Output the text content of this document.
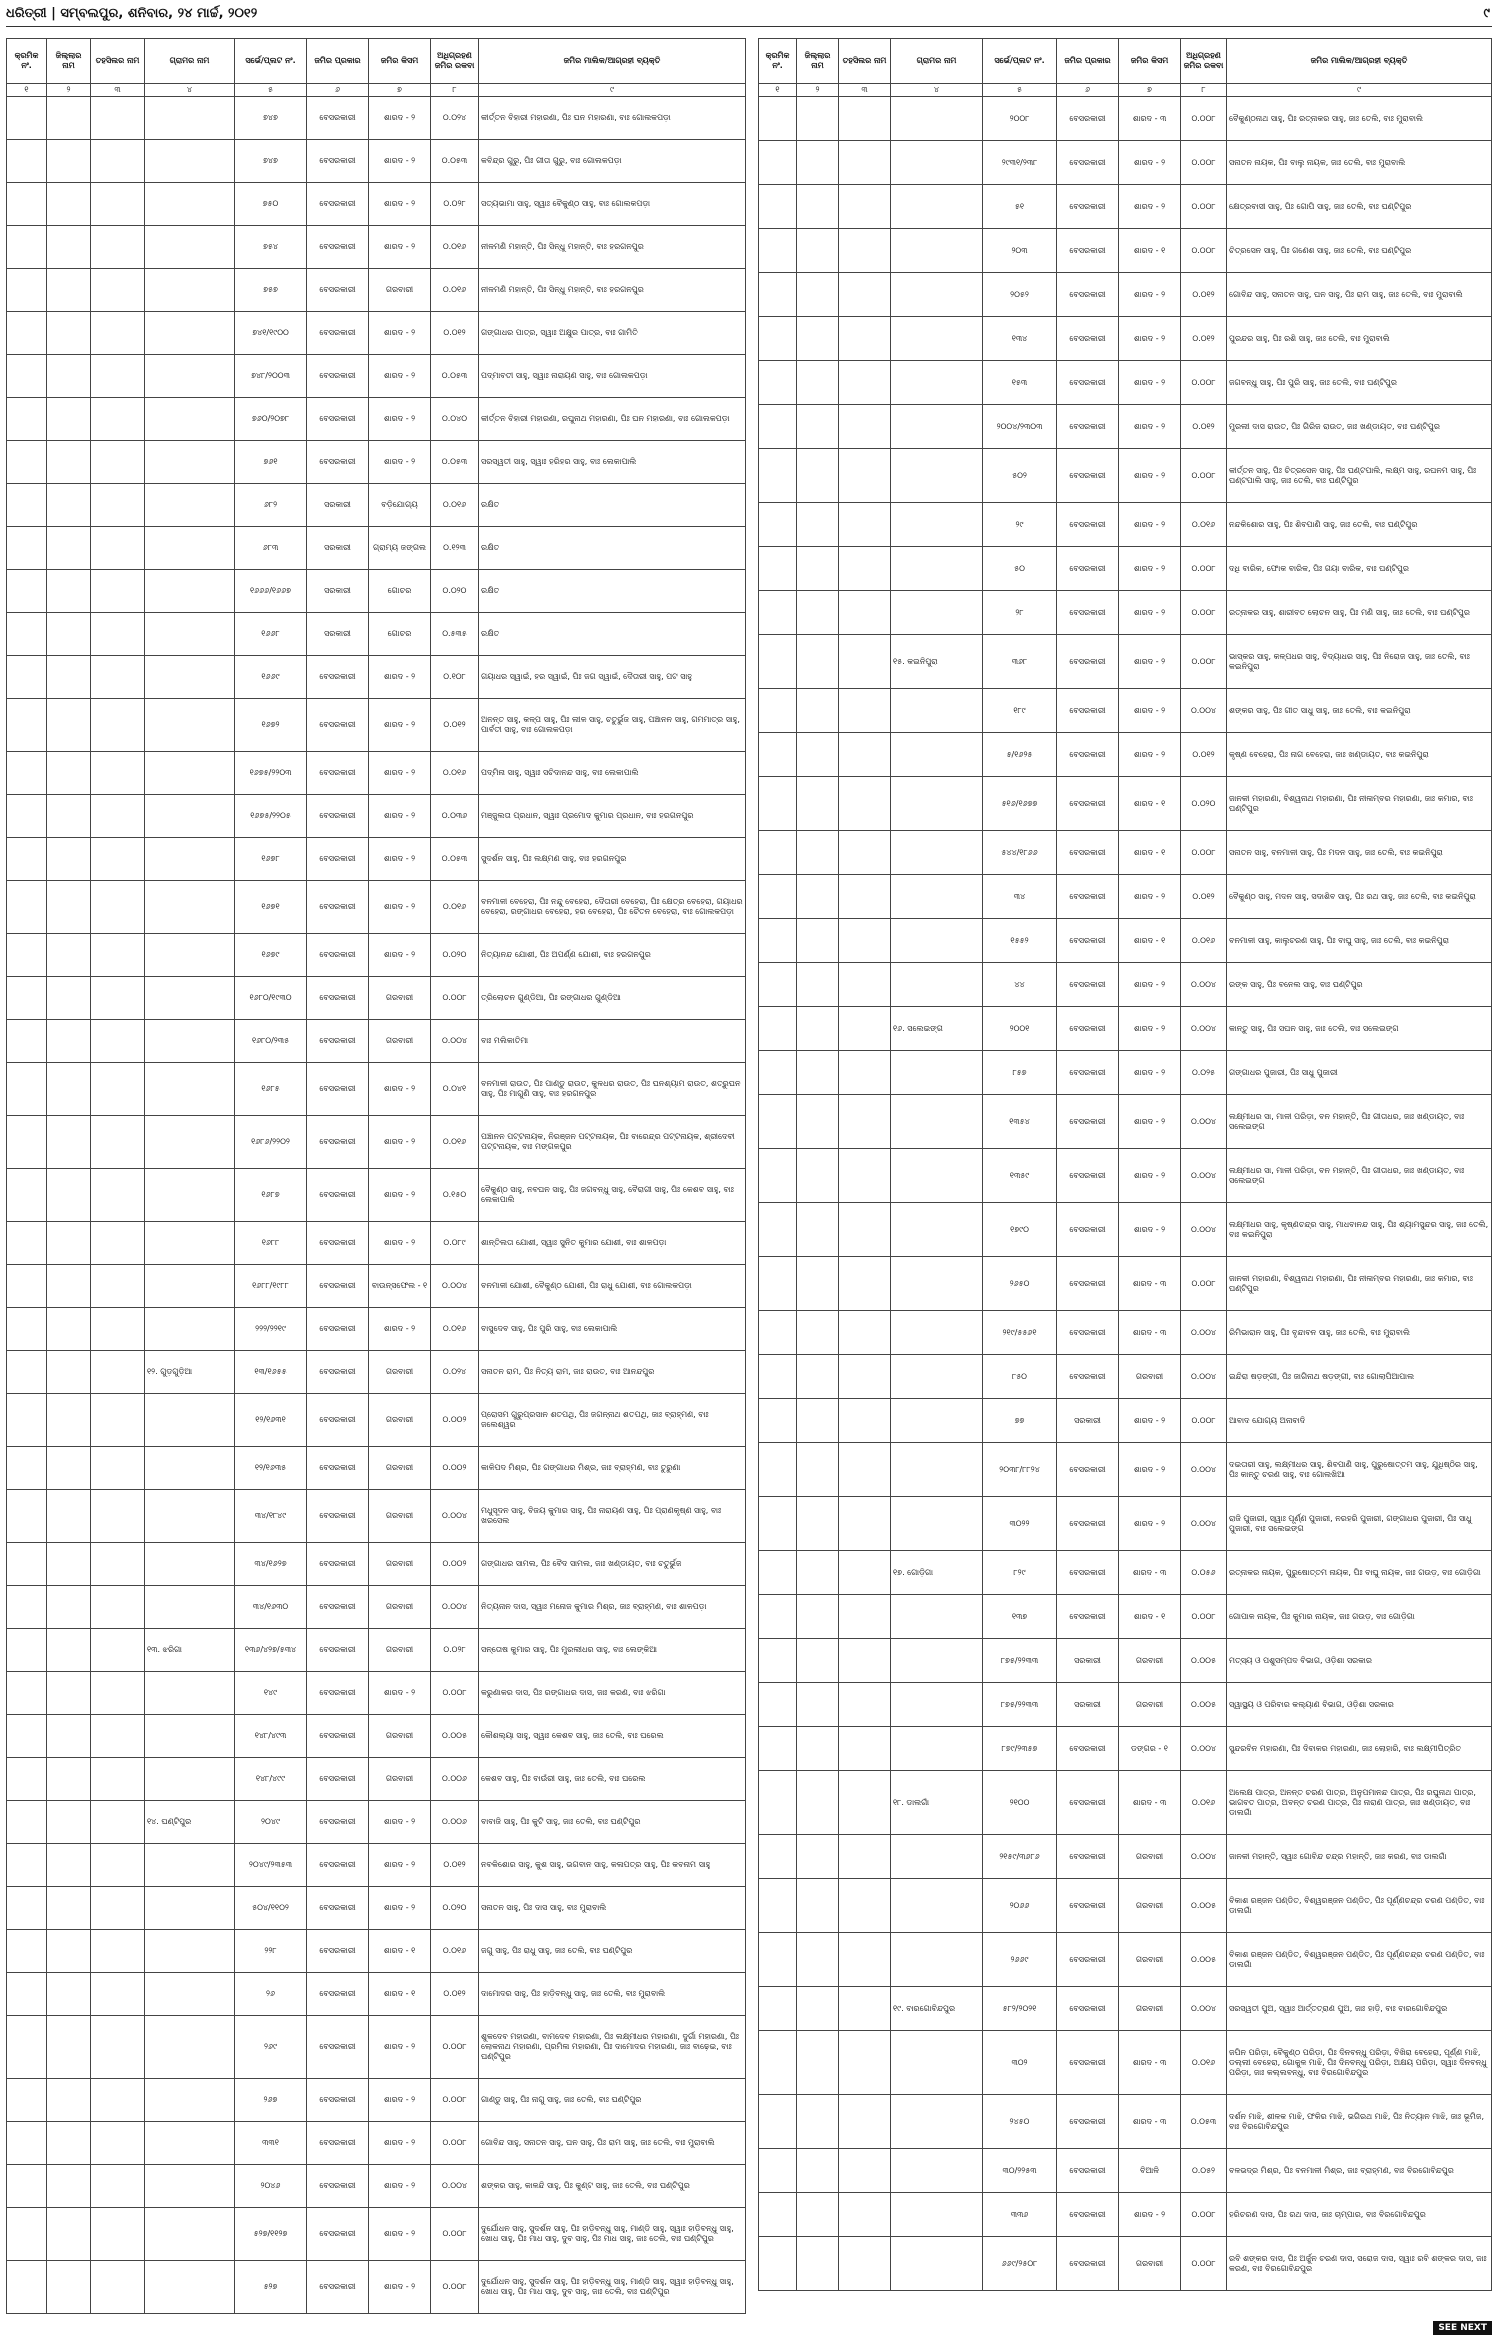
ଧରିତ୍ରୀ | ସମ୍ବଲପୁର, ଶନିବାର, ୨୪ ମାର୍ଚ୍ଚ, ୨୦୧୨	୯
କ୍ରମିକ ନଂ.	ଜିଲ୍ଲାର ନାମ	ତହସିଲର ନାମ	ଗ୍ରାମର ନାମ	ସର୍ଭେ/ପ୍ଲଟ ନଂ.	ଜମିର ପ୍ରକାର	ଜମିର କିସମ	ଅଧିଗ୍ରହଣ ଜମିର ରକବା	ଜମିର ମାଲିକ/ଆଗ୍ରହୀ ବ୍ୟକ୍ତି
୧	୨	୩	୪	୫	୬	୭	୮	୯
				୭୪୭	ବେସରକାରୀ	ଶାରଦ - ୨	୦.୦୨୪	କୀର୍ତ୍ତନ ବିହାରୀ ମହାରଣା, ପିଃ ଘନ ମହାରଣା, ବାଃ ଗୋଲକପଡ଼ା
				୭୪୭	ବେସରକାରୀ	ଶାରଦ - ୨	୦.୦୫୩	କବିନ୍ଦ୍ର ଗୁରୁ, ପିଃ ଗୀତା ଗୁରୁ, ବାଃ ଗୋଲକପଡ଼ା
				୭୫୦	ବେସରକାରୀ	ଶାରଦ - ୨	୦.୦୨୮	ସତ୍ୟଭାମା ସାହୁ, ସ୍ୱାଃ ବୈକୁଣ୍ଠ ସାହୁ, ବାଃ ଗୋଲକପଡ଼ା
				୭୫୪	ବେସରକାରୀ	ଶାରଦ - ୨	୦.୦୧୬	ନୀଳମଣି ମହାନ୍ତି, ପିଃ ସିନ୍ଧୁ ମହାନ୍ତି, ବାଃ ହରଗନପୁର
				୭୫୭	ବେସରକାରୀ	ଗରବାରୀ	୦.୦୧୬	ନୀଳମଣି ମହାନ୍ତି, ପିଃ ସିନ୍ଧୁ ମହାନ୍ତି, ବାଃ ହରଗନପୁର
				୭୪୧/୧୯୦୦	ବେସରକାରୀ	ଶାରଦ - ୨	୦.୦୧୨	ଗଙ୍ଗାଧର ପାତ୍ର, ସ୍ୱାଃ ଅକ୍ଷୁର ପାତ୍ର, ବାଃ ଗାମିତି
				୭୪୮/୨୦୦୩	ବେସରକାରୀ	ଶାରଦ - ୨	୦.୦୫୩	ପଦ୍ମାବତୀ ସାହୁ, ସ୍ୱାଃ ନାରାୟଣ ସାହୁ, ବାଃ ଗୋଲକପଡ଼ା
				୭୬୦/୨୦୭୮	ବେସରକାରୀ	ଶାରଦ - ୨	୦.୦୪୦	କୀର୍ତ୍ତନ ବିହାରୀ ମହାରଣା, ରଘୁନାଥ ମହାରଣା, ପିଃ ଘନ ମହାରଣା, ବାଃ ଗୋଲକପଡ଼ା
				୭୬୧	ବେସରକାରୀ	ଶାରଦ - ୨	୦.୦୫୩	ସରସ୍ୱତୀ ସାହୁ, ସ୍ୱାଃ ହରିହର ସାହୁ, ବାଃ ଲେକାପାଲି
				୬୮୨	ସରକାରୀ	ବଡ଼ିଯୋଗ୍ୟ	୦.୦୧୬	ରକ୍ଷିତ
				୬୮୩	ସରକାରୀ	ଗ୍ରାମ୍ୟ ଜଙ୍ଗଲ	୦.୧୨୩	ରକ୍ଷିତ
				୧୬୬୬/୧୬୬୭	ସରକାରୀ	ଗୋଚର	୦.୦୨୦	ରକ୍ଷିତ
				୧୬୬୮	ସରକାରୀ	ଗୋଚର	୦.୫୩୫	ରକ୍ଷିତ
				୧୬୬୯	ବେସରକାରୀ	ଶାରଦ - ୨	୦.୧୦୮	ଗୟାଧର ସ୍ୱାଇଁ, ହର ସ୍ୱାଇଁ, ପିଃ ଜଗ ସ୍ୱାଇଁ, ଦୈତାରୀ ସାହୁ, ପଟ ସାହୁ
				୧୬୭୨	ବେସରକାରୀ	ଶାରଦ - ୨	୦.୦୧୨	ଅନନ୍ତ ସାହୁ, କଳ୍ପ ସାହୁ, ପିଃ ଲୀଳ ସାହୁ, ଚତୁର୍ଭୁଜ ସାହୁ, ପଞ୍ଚାନନ ସାହୁ, ଗମମାତ୍ର ସାହୁ, ପାର୍ବତୀ ସାହୁ, ବାଃ ଗୋଲକପଡ଼ା
				୧୬୭୫/୨୨୦୩	ବେସରକାରୀ	ଶାରଦ - ୨	୦.୦୧୬	ପଦ୍ମିନା ସାହୁ, ସ୍ୱାଃ ସଚିଦାନନ୍ଦ ସାହୁ, ବାଃ ଲେକାପାଲି
				୧୬୭୫/୨୨୦୫	ବେସରକାରୀ	ଶାରଦ - ୨	୦.୦୩୬	ମଞ୍ଜୁଲତା ପ୍ରଧାନ, ସ୍ୱାଃ ପ୍ରମୋଦ କୁମାର ପ୍ରଧାନ, ବାଃ ହରଗନପୁର
				୧୬୭୮	ବେସରକାରୀ	ଶାରଦ - ୨	୦.୦୫୩	ସୁଦର୍ଶନ ସାହୁ, ପିଃ ଲକ୍ଷ୍ମଣ ସାହୁ, ବାଃ ହରଗନପୁର
				୧୬୭୧	ବେସରକାରୀ	ଶାରଦ - ୨	୦.୦୧୬	ବନମାଳୀ ବେହେରା, ପିଃ ନନ୍ଦୁ ବେହେରା, ଦୈତାରୀ ବେହେରା, ପିଃ କ୍ଷେତ୍ର ବେହେରା, ଗୟାଧର ବେହେରା, ରଙ୍ଗାଧର ବେହେରା, ହର ବେହେରା, ପିଃ ଚୈତନ ବେହେରା, ବାଃ ଗୋଲକପଡ଼ା
				୧୬୭୯	ବେସରକାରୀ	ଶାରଦ - ୨	୦.୦୨୦	ନିତ୍ୟାନନ୍ଦ ଯୋଶୀ, ପିଃ ଅପର୍ଣ୍ଣ ଯୋଶୀ, ବାଃ ହରଗନପୁର
				୧୬୮୦/୧୯୩୦	ବେସରକାରୀ	ଗରବାରୀ	୦.୦୦୮	ତ୍ରିଲୋଚନ ଗୁଣ୍ଡିଆ, ପିଃ ରଙ୍ଗାଧର ଗୁଣ୍ଡିଆ
				୧୬୮୦/୨୩୫	ବେସରକାରୀ	ଗରବାରୀ	୦.୦୦୪	ବାଃ ମଲିକାତିମା
				୧୬୮୫	ବେସରକାରୀ	ଶାରଦ - ୨	୦.୦୪୧	ବନମାଳୀ ରାଉତ, ପିଃ ପାଣ୍ଡୁ ରାଉତ, କୁଳଧର ରାଉତ, ପିଃ ଘନଶ୍ୟାମ ରାଉତ, ଶତ୍ରୁଘନ ସାହୁ, ପିଃ ମାଗୁଣି ସାହୁ, ବାଃ ହରଗନପୁର
				୧୬୮୬/୨୨୦୨	ବେସରକାରୀ	ଶାରଦ - ୨	୦.୦୧୬	ପଞ୍ଚାନନ ପଟ୍ଟନାୟକ, ନିରଞ୍ଜନ ପଟ୍ଟନାୟକ, ପିଃ ବାରେନ୍ଦ୍ର ପଟ୍ଟନାୟକ, ଶ୍ରୀଦେବୀ ପଟ୍ଟନାୟକ, ବାଃ ମଙ୍ଗଳପୁର
				୧୬୮୭	ବେସରକାରୀ	ଶାରଦ - ୨	୦.୧୫୦	ବୈକୁଣ୍ଠ ସାହୁ, ନବଘନ ସାହୁ, ପିଃ ଜଗବନ୍ଧୁ ସାହୁ, ବୈରାଗୀ ସାହୁ, ପିଃ କେଶବ ସାହୁ, ବାଃ ଲେକାପାଲି
				୧୬୮୮	ବେସରକାରୀ	ଶାରଦ - ୨	୦.୦୮୯	ଶାନ୍ତିଲତା ଯୋଶୀ, ସ୍ୱାଃ ସୁନିତ କୁମାର ଯୋଶୀ, ବାଃ ଶାଳପଡ଼ା
				୧୬୮୮/୧୯୮୮	ବେସରକାରୀ	ବାଉନ୍ସଫେଲ - ୧	୦.୦୦୪	ବନମାଳୀ ଯୋଶୀ, ବୈକୁଣ୍ଠ ଯୋଶୀ, ପିଃ ରାଧୁ ଯୋଶୀ, ବାଃ ଗୋଲକପଡ଼ା
				୨୨୨/୨୨୧୯	ବେସରକାରୀ	ଶାରଦ - ୨	୦.୦୧୬	ବାସୁଦେବ ସାହୁ, ପିଃ ପୁରି ସାହୁ, ବାଃ ଲେକାପାଲି
			୧୨. ଗୁଡ଼ଗୁଡ଼ିଆ	୧୩/୧୬୫୫	ବେସରକାରୀ	ଗରବାରୀ	୦.୦୨୪	ସନାତନ ରାମ, ପିଃ ନିତ୍ୟ ରାମ, ଜାଃ ରାଉତ, ବାଃ ଆନନ୍ଦପୁର
				୧୨/୧୬୩୧	ବେସରକାରୀ	ଗରବାରୀ	୦.୦୦୨	ପ୍ରୋସମ ଗୁରୁପ୍ରସାନ ଶତପଥି, ପିଃ ଜଗନ୍ନାଥ ଶତପଥି, ଜାଃ ବ୍ରାହ୍ମଣ, ବାଃ ଜଲେଶ୍ୱର
				୧୨/୧୬୩୫	ବେସରକାରୀ	ଗରବାରୀ	୦.୦୦୨	କାଳିପଦ ମିଶ୍ର, ପିଃ ଗଙ୍ଗାଧର ମିଶ୍ର, ଜାଃ ବ୍ରାହ୍ମଣ, ବାଃ ତୁରୁଣା
				୩୪/୧୮୪୯	ବେସରକାରୀ	ଗରବାରୀ	୦.୦୦୪	ମଧୁସୂଦନ ସାହୁ, ବିଜୟ କୁମାର ସାହୁ, ପିଃ ନାରାୟଣ ସାହୁ, ପିଃ ପ୍ରାଣକୃଷ୍ଣ ସାହୁ, ବାଃ ଖରସେଲ
				୩୪/୧୬୨୭	ବେସରକାରୀ	ଗରବାରୀ	୦.୦୦୨	ଗଙ୍ଗାଧର ସାମଲ, ପିଃ ବୈଦ ସାମଲ, ଜାଃ ଖଣ୍ଡାୟତ, ବାଃ ଚତୁର୍ଭୁଜ
				୩୪/୧୬୩୦	ବେସରକାରୀ	ଗରବାରୀ	୦.୦୦୪	ନିତ୍ୟନାନ ଦାସ, ସ୍ୱାଃ ମନୋଜ କୁମାର ମିଶ୍ର, ଜାଃ ବ୍ରାହ୍ମଣ, ବାଃ ଶାଳପଡ଼ା
			୧୩. ଝରିଗା	୧୩୬/୪୨୭/୫୩୪	ବେସରକାରୀ	ଗରବାରୀ	୦.୦୨୮	ସନ୍ତୋଷ କୁମାର ସାହୁ, ପିଃ ମୁରଲୀଧର ସାହୁ, ବାଃ ଲେଙ୍କିଆ
				୧୪୯	ବେସରକାରୀ	ଶାରଦ - ୨	୦.୦୦୮	କରୁଣାକର ଦାସ, ପିଃ ରଙ୍ଗାଧର ଦାସ, ଜାଃ କରଣ, ବାଃ ଝରିଗା
				୧୪୮/୪୯୩	ବେସରକାରୀ	ଗରବାରୀ	୦.୦୦୫	କୌଶଲ୍ୟା ସାହୁ, ସ୍ୱାଃ କେଶବ ସାହୁ, ଜାଃ ତେଲି, ବାଃ ଘରେଲ
				୧୪୮/୪୯୯	ବେସରକାରୀ	ଗରବାରୀ	୦.୦୦୬	କେଶବ ସାହୁ, ପିଃ ବାଉଁରୀ ସାହୁ, ଜାଃ ତେଲି, ବାଃ ଘରେଲ
			୧୪. ଘଣ୍ଟିପୁର	୨୦୪୯	ବେସରକାରୀ	ଶାରଦ - ୨	୦.୦୦୬	ବାବାଜି ସାହୁ, ପିଃ କୁଟି ସାହୁ, ଜାଃ ତେଲି, ବାଃ ଘଣ୍ଟିପୁର
				୨୦୪୯/୨୩୫୩	ବେସରକାରୀ	ଶାରଦ - ୨	୦.୦୧୨	ନବକିଶୋର ସାହୁ, କୁଶ ସାହୁ, ଭଗବାନ ସାହୁ, କଳାପତ୍ର ସାହୁ, ପିଃ କବନାମ ସାହୁ
				୫୦୪/୧୧୦୨	ବେସରକାରୀ	ଶାରଦ - ୨	୦.୦୨୦	ସନାତନ ସାହୁ, ପିଃ ଦାସ ସାହୁ, ବାଃ ମୁରାବାଲି
				୨୨୮	ବେସରକାରୀ	ଶାରଦ - ୧	୦.୦୧୬	ଜଗୁ ସାହୁ, ପିଃ ରାଧୁ ସାହୁ, ଜାଃ ତେଲି, ବାଃ ଘଣ୍ଟିପୁର
				୨୬	ବେସରକାରୀ	ଶାରଦ - ୧	୦.୦୧୨	ଦାମୋଦର ସାହୁ, ପିଃ ହାଡ଼ିବନ୍ଧୁ ସାହୁ, ଜାଃ ତେଲି, ବାଃ ମୁରାବାଲି
				୨୬୯	ବେସରକାରୀ	ଶାରଦ - ୨	୦.୦୦୮	ଶୁକଦେବ ମହାରଣା, ବାମଦେବ ମହାରଣା, ପିଃ ଲକ୍ଷ୍ମୀଧର ମହାରଣା, ଦୁର୍ଗା ମହାରଣା, ପିଃ ଲୋକନାଥ ମହାରଣା, ପ୍ରମିଳା ମହାରଣା, ପିଃ ଦାମୋଦର ମହାରଣା, ଜାଃ ବାଢ଼େଇ, ବାଃ ଘଣ୍ଟିପୁର
				୨୬୭	ବେସରକାରୀ	ଶାରଦ - ୨	୦.୦୦୮	ଗାଣ୍ଡୁ ସାହୁ, ପିଃ ନାଗୁ ସାହୁ, ଜାଃ ତେଲି, ବାଃ ଘଣ୍ଟିପୁର
				୩୩୧	ବେସରକାରୀ	ଶାରଦ - ୨	୦.୦୦୮	ଗୋବିନ୍ଦ ସାହୁ, ସନାତନ ସାହୁ, ଘନ ସାହୁ, ପିଃ ରାମ ସାହୁ, ଜାଃ ତେଲି, ବାଃ ମୁରାବାଲି
				୨୦୪୬	ବେସରକାରୀ	ଶାରଦ - ୨	୦.୦୦୪	ଶଙ୍କର ସାହୁ, କାଳନ୍ଦି ସାହୁ, ପିଃ କୁଣ୍ଟ ସାହୁ, ଜାଃ ତେଲି, ବାଃ ଘଣ୍ଟିପୁର
				୫୨୭/୧୧୨୭	ବେସରକାରୀ	ଶାରଦ - ୨	୦.୦୦୮	ଦୁର୍ଯୋଧନ ସାହୁ, ସୁଦର୍ଶନ ସାହୁ, ପିଃ ହାଡ଼ିବନ୍ଧୁ ସାହୁ, ମାଣ୍ଡି ସାହୁ, ସ୍ୱାଃ ହାଡ଼ିବନ୍ଧୁ ସାହୁ, ଖୋଧ ସାହୁ, ପିଃ ମାଧ ସାହୁ, ଦୁବ ସାହୁ, ପିଃ ମାଧ ସାହୁ, ଜାଃ ତେଲି, ବାଃ ଘଣ୍ଟିପୁର
				୫୨୭	ବେସରକାରୀ	ଶାରଦ - ୨	୦.୦୦୮	ଦୁର୍ଯୋଧନ ସାହୁ, ସୁଦର୍ଶନ ସାହୁ, ପିଃ ହାଡ଼ିବନ୍ଧୁ ସାହୁ, ମାଣ୍ଡି ସାହୁ, ସ୍ୱାଃ ହାଡ଼ିବନ୍ଧୁ ସାହୁ, ଖୋଧ ସାହୁ, ପିଃ ମାଧ ସାହୁ, ଦୁବ ସାହୁ, ଜାଃ ତେଲି, ବାଃ ଘଣ୍ଟିପୁର
କ୍ରମିକ ନଂ.	ଜିଲ୍ଲାର ନାମ	ତହସିଲର ନାମ	ଗ୍ରାମର ନାମ	ସର୍ଭେ/ପ୍ଲଟ ନଂ.	ଜମିର ପ୍ରକାର	ଜମିର କିସମ	ଅଧିଗ୍ରହଣ ଜମିର ରକବା	ଜମିର ମାଲିକ/ଆଗ୍ରହୀ ବ୍ୟକ୍ତି
୧	୨	୩	୪	୫	୬	୭	୮	୯
				୨୦୦୮	ବେସରକାରୀ	ଶାରଦ - ୩	୦.୦୦୮	ବୈକୁଣ୍ଠନାଥ ସାହୁ, ପିଃ ରତ୍ନାକର ସାହୁ, ଜାଃ ତେଲି, ବାଃ ମୁରାବାଲି
				୨୯୩୧/୨୩୮	ବେସରକାରୀ	ଶାରଦ - ୨	୦.୦୦୮	ସନାତନ ନାୟକ, ପିଃ ବାଲୁ ନାୟକ, ଜାଃ ତେଲି, ବାଃ ମୁରାବାଲି
				୫୧	ବେସରକାରୀ	ଶାରଦ - ୨	୦.୦୦୮	କ୍ଷେତ୍ରବାସୀ ସାହୁ, ପିଃ ଗୋପି ସାହୁ, ଜାଃ ତେଲି, ବାଃ ଘଣ୍ଟିପୁର
				୨୦୩	ବେସରକାରୀ	ଶାରଦ - ୧	୦.୦୦୮	ଚିତ୍ରସେନ ସାହୁ, ପିଃ ଗଣେଶ ସାହୁ, ଜାଃ ତେଲି, ବାଃ ଘଣ୍ଟିପୁର
				୨୦୫୨	ବେସରକାରୀ	ଶାରଦ - ୨	୦.୦୧୨	ଗୋବିନ୍ଦ ସାହୁ, ସନାତନ ସାହୁ, ଘନ ସାହୁ, ପିଃ ରାମ ସାହୁ, ଜାଃ ତେଲି, ବାଃ ମୁରାବାଲି
				୧୩୪	ବେସରକାରୀ	ଶାରଦ - ୨	୦.୦୧୨	ପୁରନ୍ଦର ସାହୁ, ପିଃ ରଶି ସାହୁ, ଜାଃ ତେଲି, ବାଃ ମୁରାବାଲି
				୧୫୩	ବେସରକାରୀ	ଶାରଦ - ୨	୦.୦୦୮	ଜଗବନ୍ଧୁ ସାହୁ, ପିଃ ପୁରି ସାହୁ, ଜାଃ ତେଲି, ବାଃ ଘଣ୍ଟିପୁର
				୨୦୦୪/୨୩୦୩	ବେସରକାରୀ	ଶାରଦ - ୨	୦.୦୧୨	ମୁରଲୀ ଦାସ ରାଉତ, ପିଃ ଗିରିଜ ରାଉତ, ଜାଃ ଖଣ୍ଡାୟତ, ବାଃ ଘଣ୍ଟିପୁର
				୫୦୨	ବେସରକାରୀ	ଶାରଦ - ୨	୦.୦୦୮	କୀର୍ତ୍ତନ ସାହୁ, ପିଃ ଚିତ୍ରସେନ ସାହୁ, ପିଃ ଘଣ୍ଟପାଲି, ଲକ୍ଷ୍ମ ସାହୁ, ରଘନମ ସାହୁ, ପିଃ ଘଣ୍ଟପାଲି ସାହୁ, ଜାଃ ତେଲି, ବାଃ ଘଣ୍ଟିପୁର
				୨୯	ବେସରକାରୀ	ଶାରଦ - ୨	୦.୦୧୬	ନନ୍ଦକିଶୋର ସାହୁ, ପିଃ ଶିବପାଣି ସାହୁ, ଜାଃ ତେଲି, ବାଃ ଘଣ୍ଟିପୁର
				୫୦	ବେସରକାରୀ	ଶାରଦ - ୨	୦.୦୦୮	ଦଧି ବାରିକ, ଫୋକ ବାରିକ, ପିଃ ଗୟା ବାରିକ, ବାଃ ଘଣ୍ଟିପୁର
				୨୮	ବେସରକାରୀ	ଶାରଦ - ୨	୦.୦୦୮	ରତ୍ନାକର ସାହୁ, ଶାରୀବତ ଲୋଚନ ସାହୁ, ପିଃ ମଣି ସାହୁ, ଜାଃ ତେଲି, ବାଃ ଘଣ୍ଟିପୁର
			୧୫. କଇନିପୁରା	୩୬୮	ବେସରକାରୀ	ଶାରଦ - ୨	୦.୦୦୮	ଭାସ୍କର ସାହୁ, କଳ୍ପଧର ସାହୁ, ବିଦ୍ୟାଧର ସାହୁ, ପିଃ ନିରୋଜ ସାହୁ, ଜାଃ ତେଲି, ବାଃ କଇନିପୁରା
				୧୮୯	ବେସରକାରୀ	ଶାରଦ - ୨	୦.୦୦୪	ଶଙ୍କର ସାହୁ, ପିଃ ଗୀତ ସାଧୁ ସାହୁ, ଜାଃ ତେଲି, ବାଃ କଇନିପୁରା
				୫/୧୬୨୫	ବେସରକାରୀ	ଶାରଦ - ୨	୦.୦୧୨	କୃଷ୍ଣ ବେହେରା, ପିଃ ନାଗ ବେହେରା, ଜାଃ ଖଣ୍ଡାୟତ, ବାଃ କଇନିପୁରା
				୫୧୬/୧୬୭୭	ବେସରକାରୀ	ଶାରଦ - ୧	୦.୦୨୦	ଜାନକୀ ମହାରଣା, ବିଶ୍ୱନାଥ ମହାରଣା, ପିଃ ନୀଳାମ୍ବର ମହାରଣା, ଜାଃ କମାର, ବାଃ ଘଣ୍ଟିପୁର
				୫୪୪/୧୮୬୬	ବେସରକାରୀ	ଶାରଦ - ୧	୦.୦୦୮	ସନାତନ ସାହୁ, ବନମାଳୀ ସାହୁ, ପିଃ ମଦନ ସାହୁ, ଜାଃ ତେଲି, ବାଃ କଇନିପୁରା
				୩୪	ବେସରକାରୀ	ଶାରଦ - ୨	୦.୦୧୨	ବୈକୁଣ୍ଠ ସାହୁ, ମଦନ ସାହୁ, ସଦାଶିବ ସାହୁ, ପିଃ ରଥ ସାହୁ, ଜାଃ ତେଲି, ବାଃ କଇନିପୁରା
				୧୫୫୨	ବେସରକାରୀ	ଶାରଦ - ୧	୦.୦୧୬	ବନମାଳୀ ସାହୁ, କାଲୁଚରଣ ସାହୁ, ପିଃ ବାଘୁ ସାହୁ, ଜାଃ ତେଲି, ବାଃ କଇନିପୁରା
				୪୪	ବେସରକାରୀ	ଶାରଦ - ୨	୦.୦୦୪	ରଙ୍କ ସାହୁ, ପିଃ ବନେଲ ସାହୁ, ବାଃ ଘଣ୍ଟିପୁର
			୧୬. ସଲେଇଙ୍ଗ	୨୦୦୧	ବେସରକାରୀ	ଶାରଦ - ୨	୦.୦୦୪	କାନ୍ତୁ ସାହୁ, ପିଃ ସଘନ ସାହୁ, ଜାଃ ତେଲି, ବାଃ ସଲେଇଙ୍ଗ
				୮୫୭	ବେସରକାରୀ	ଶାରଦ - ୨	୦.୦୨୫	ଗଙ୍ଗାଧର ପୁଜାରୀ, ପିଃ ସାଧୁ ପୁଜାରୀ
				୧୩୫୪	ବେସରକାରୀ	ଶାରଦ - ୨	୦.୦୦୪	ଲକ୍ଷ୍ମୀଧର ସା, ମାଳୀ ପରିଡ଼ା, ବନ ମହାନ୍ତି, ପିଃ ଗୀତାଧର, ଜାଃ ଖଣ୍ଡାୟତ, ବାଃ ସଲେଇଙ୍ଗ
				୧୩୫୯	ବେସରକାରୀ	ଶାରଦ - ୨	୦.୦୦୪	ଲକ୍ଷ୍ମୀଧର ସା, ମାଳୀ ପରିଡ଼ା, ବନ ମହାନ୍ତି, ପିଃ ଗୀତାଧର, ଜାଃ ଖଣ୍ଡାୟତ, ବାଃ ସଲେଇଙ୍ଗ
				୧୭୯୦	ବେସରକାରୀ	ଶାରଦ - ୨	୦.୦୦୪	ଲକ୍ଷ୍ମୀଧର ସାହୁ, କୃଷ୍ଣଚନ୍ଦ୍ର ସାହୁ, ମାଧବାନନ୍ଦ ସାହୁ, ପିଃ ଶ୍ୟାମସୁନ୍ଦର ସାହୁ, ଜାଃ ତେଲି, ବାଃ କଇନିପୁରା
				୨୬୫୦	ବେସରକାରୀ	ଶାରଦ - ୩	୦.୦୦୮	ଜାନକୀ ମହାରଣା, ବିଶ୍ୱନାଥ ମହାରଣା, ପିଃ ନୀଳାମ୍ବର ମହାରଣା, ଜାଃ କମାର, ବାଃ ଘଣ୍ଟିପୁର
				୨୧୯/୫୫୬୧	ବେସରକାରୀ	ଶାରଦ - ୩	୦.୦୦୪	ରିମିଭାରାନ ସାହୁ, ପିଃ ବୃନ୍ଦାବନ ସାହୁ, ଜାଃ ତେଲି, ବାଃ ମୁରାବାଲି
				୮୫୦	ବେସରକାରୀ	ଗରବାରୀ	୦.୦୦୪	ଇନ୍ଦିରା ଷଡ଼ଙ୍ଗୀ, ପିଃ ଜାଗିନାଥ ଷଡ଼ଙ୍ଗୀ, ବାଃ ଗୋଲାପିଆପାଲ
				୭୭	ସରକାରୀ	ଶାରଦ - ୨	୦.୦୦୮	ଆବାଦ ଯୋଗ୍ୟ ଅନାବାଦି
				୨୦୩୮/୮୮୨୪	ବେସରକାରୀ	ଶାରଦ - ୨	୦.୦୦୪	ଦଇତାରୀ ସାହୁ, ଲକ୍ଷ୍ମୀଧର ସାହୁ, ଶିବପାଣି ସାହୁ, ପୁରୁଷୋତ୍ତମ ସାହୁ, ଯୁଧିଷ୍ଠିର ସାହୁ, ପିଃ କାନ୍ତୁ ଚରଣ ସାହୁ, ବାଃ ଗୋଲଖିଆ
				୩୦୨୨	ବେସରକାରୀ	ଶାରଦ - ୨	୦.୦୦୪	ରାଜି ପୁଜାରୀ, ସ୍ୱାଃ ପୂର୍ଣ୍ଣ ପୁଜାରୀ, ନରହରି ପୁଜାରୀ, ଗଙ୍ଗାଧର ପୁଜାରୀ, ପିଃ ସାଧୁ ପୁଜାରୀ, ବାଃ ସଲେଇଙ୍ଗ
			୧୭. ଗୋଡ଼ିଗା	୮୨୯	ବେସରକାରୀ	ଶାରଦ - ୩	୦.୦୫୬	ରତ୍ନାକର ନାୟକ, ପୁରୁଷୋତ୍ତମ ନାୟକ, ପିଃ ବାଘୁ ନାୟକ, ଜାଃ ଗଉଡ଼, ବାଃ ଗୋଡ଼ିଗା
				୧୩୭	ବେସରକାରୀ	ଶାରଦ - ୧	୦.୦୦୮	ଗୋପାଳ ନାୟକ, ପିଃ କୁମାର ନାୟକ, ଜାଃ ଗଉଡ଼, ବାଃ ଗୋଡ଼ିଗା
				୮୭୫/୨୨୩୩	ସରକାରୀ	ଗରବାରୀ	୦.୦୦୫	ମତ୍ସ୍ୟ ଓ ପଶୁସମ୍ପଦ ବିଭାଗ, ଓଡ଼ିଶା ସରକାର
				୮୭୫/୨୨୩୩	ସରକାରୀ	ଗରବାରୀ	୦.୦୦୫	ସ୍ୱାସ୍ଥ୍ୟ ଓ ପରିବାର କଲ୍ୟାଣ ବିଭାଗ, ଓଡ଼ିଶା ସରକାର
				୮୭୯/୨୩୫୭	ବେସରକାରୀ	ଡଙ୍ଗର - ୧	୦.୦୦୪	ସୁନ୍ଦରବିନ ମହାରଣା, ପିଃ ଦିବାକର ମହାରଣା, ଜାଃ ଲୋହାରି, ବାଃ ଲକ୍ଷ୍ମୀପିତ୍ରିତ
			୧୮. ଡାଲଗାଁ	୨୧୦୦	ବେସରକାରୀ	ଶାରଦ - ୩	୦.୦୧୬	ଅଲେକ୍ଷ ପାତ୍ର, ଅନନ୍ତ ଚରଣ ପାତ୍ର, ଅନୁପମାନନ୍ଦ ପାତ୍ର, ପିଃ ରଘୁନାଥ ପାତ୍ର, ଭାଗବତ ପାତ୍ର, ଅବନ୍ତ ଚରଣ ପାତ୍ର, ପିଃ ନାରାଣ ପାତ୍ର, ଜାଃ ଖଣ୍ଡାୟତ, ବାଃ ଡାଲଗାଁ
				୨୧୫୯/୩୬୮୬	ବେସରକାରୀ	ଗରବାରୀ	୦.୦୦୪	ଜାନକୀ ମହାନ୍ତି, ସ୍ୱାଃ ଗୋବିନ୍ଦ ଚନ୍ଦ୍ର ମହାନ୍ତି, ଜାଃ କରଣ, ବାଃ ଡାଲଗାଁ
				୨୦୬୬	ବେସରକାରୀ	ଗରବାରୀ	୦.୦୦୫	ବିକାଶ ରଞ୍ଜନ ପଣ୍ଡିତ, ବିଶ୍ୱରଞ୍ଜନ ପଣ୍ଡିତ, ପିଃ ପୂର୍ଣ୍ଣଚନ୍ଦ୍ର ଚରଣ ପଣ୍ଡିତ, ବାଃ ଡାଲଗାଁ
				୨୬୬୯	ବେସରକାରୀ	ଗରବାରୀ	୦.୦୦୫	ବିକାଶ ରଞ୍ଜନ ପଣ୍ଡିତ, ବିଶ୍ୱରଞ୍ଜନ ପଣ୍ଡିତ, ପିଃ ପୂର୍ଣ୍ଣଚନ୍ଦ୍ର ଚରଣ ପଣ୍ଡିତ, ବାଃ ଡାଲଗାଁ
			୧୯. ବାରଗୋବିନ୍ଦପୁର	୫୮୨/୨୦୨୧	ବେସରକାରୀ	ଗରବାରୀ	୦.୦୦୪	ସରସ୍ୱତୀ ପୁଅ, ସ୍ୱାଃ ଆର୍ତ୍ତତ୍ରାଣ ପୁଅ, ଜାଃ ହାଡ଼ି, ବାଃ ବାରଗୋବିନ୍ଦପୁର
				୩୦୨	ବେସରକାରୀ	ଶାରଦ - ୩	୦.୦୧୬	ଜପିନ ପରିଡ଼ା, ବୈକୁଣ୍ଠ ପରିଡ଼ା, ପିଃ ଦିନବନ୍ଧୁ ପରିଡ଼ା, ବିଖିରା ବେହେରା, ପୂର୍ଣ୍ଣ ମାଝି, ଡଲ୍ଲୀ ବେହେରା, ଗୋକୁଳ ମାଝି, ପିଃ ଦିନବନ୍ଧୁ ପରିଡ଼ା, ଅକ୍ଷୟ ପରିଡ଼ା, ସ୍ୱାଃ ଦିନବନ୍ଧୁ ପରିଡ଼ା, ଜାଃ କଲ୍ଲବନ୍ଧୁ, ବାଃ ବିରଗୋବିନ୍ଦପୁର
				୨୪୫୦	ବେସରକାରୀ	ଶାରଦ - ୩	୦.୦୫୩	ଦର୍ଶନ ମାଝି, ଶୀଳକ ମାଝି, ଫକିର ମାଝି, ଭଗିରଥ ମାଝି, ପିଃ ନିତ୍ୟାନ ମାଝି, ଜାଃ ଭୂମିଜ, ବାଃ ବିରଗୋବିନ୍ଦପୁର
				୩୦/୨୨୫୩	ବେସରକାରୀ	ବିଆଳି	୦.୦୫୨	ବଳଭଦ୍ର ମିଶ୍ର, ପିଃ ବନମାଳୀ ମିଶ୍ର, ଜାଃ ବ୍ରାହ୍ମଣ, ବାଃ ବିରଗୋବିନ୍ଦପୁର
				୩୩୬	ବେସରକାରୀ	ଶାରଦ - ୨	୦.୦୦୮	ହରିଚରଣ ଦାସ, ପିଃ ରଥ ଦାସ, ଜାଃ ଚାମ୍ପାର, ବାଃ ବିରଗୋବିନ୍ଦପୁର
				୬୬୯/୨୫୦୮	ବେସରକାରୀ	ଗରବାରୀ	୦.୦୦୮	ରବି ଶଙ୍କର ଦାସ, ପିଃ ଅର୍ଜୁନ ଚରଣ ଦାସ, ସରୋଜ ଦାସ, ସ୍ୱାଃ ରବି ଶଙ୍କର ଦାସ, ଜାଃ କରଣ, ବାଃ ବିରଗୋବିନ୍ଦପୁର
SEE NEXT
